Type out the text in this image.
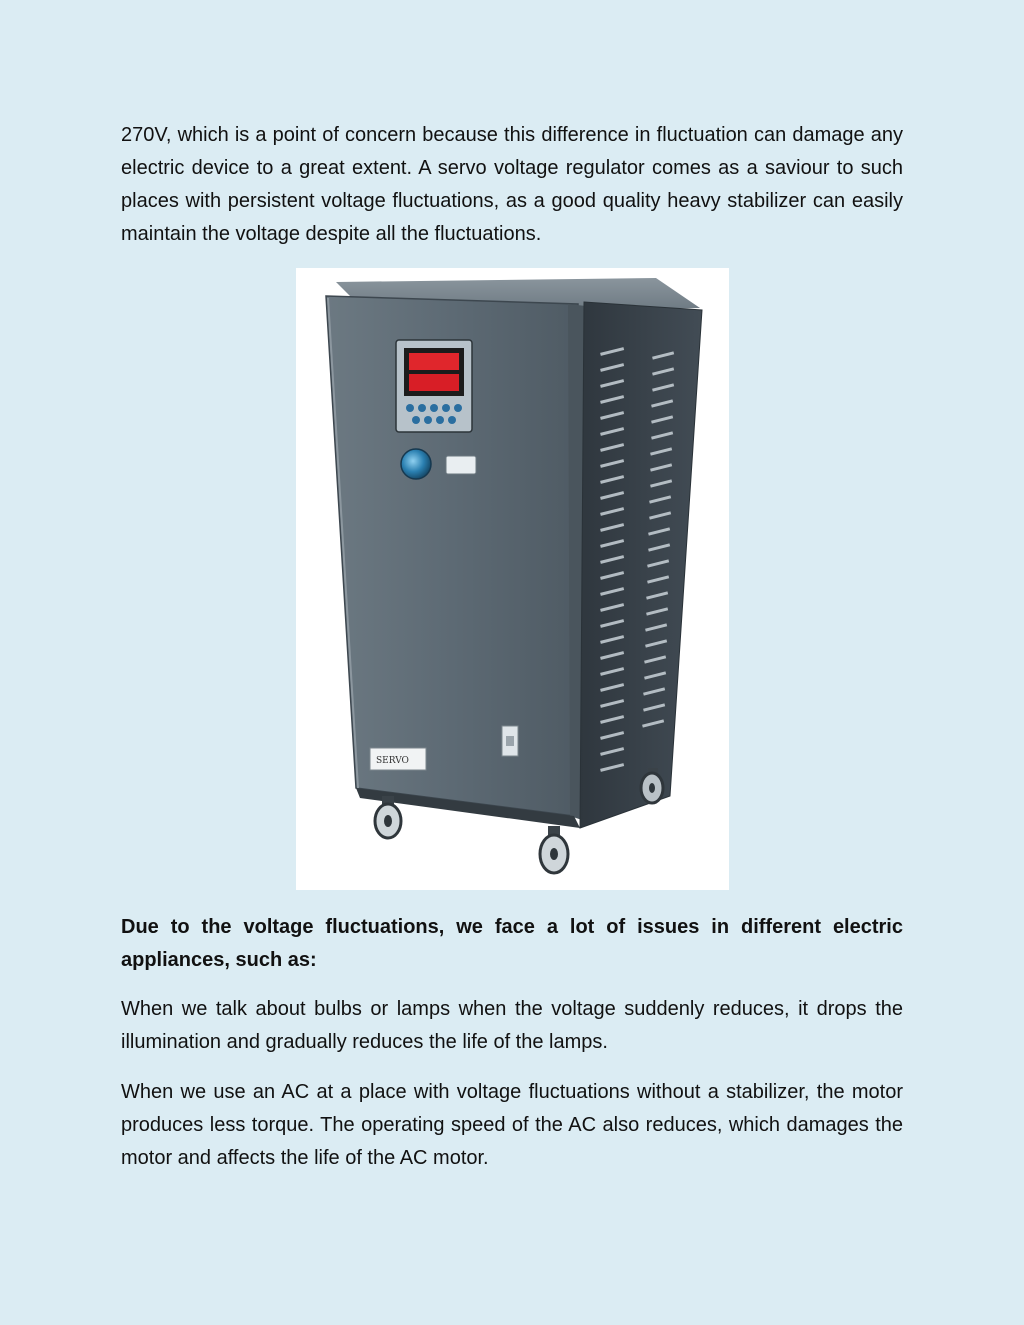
270V, which is a point of concern because this difference in fluctuation can damage any electric device to a great extent. A servo voltage regulator comes as a saviour to such places with persistent voltage fluctuations, as a good quality heavy stabilizer can easily maintain the voltage despite all the fluctuations.

SERVO

Due to the voltage fluctuations, we face a lot of issues in different electric appliances, such as:

When we talk about bulbs or lamps when the voltage suddenly reduces, it drops the illumination and gradually reduces the life of the lamps.

When we use an AC at a place with voltage fluctuations without a stabilizer, the motor produces less torque. The operating speed of the AC also reduces, which damages the motor and affects the life of the AC motor.
